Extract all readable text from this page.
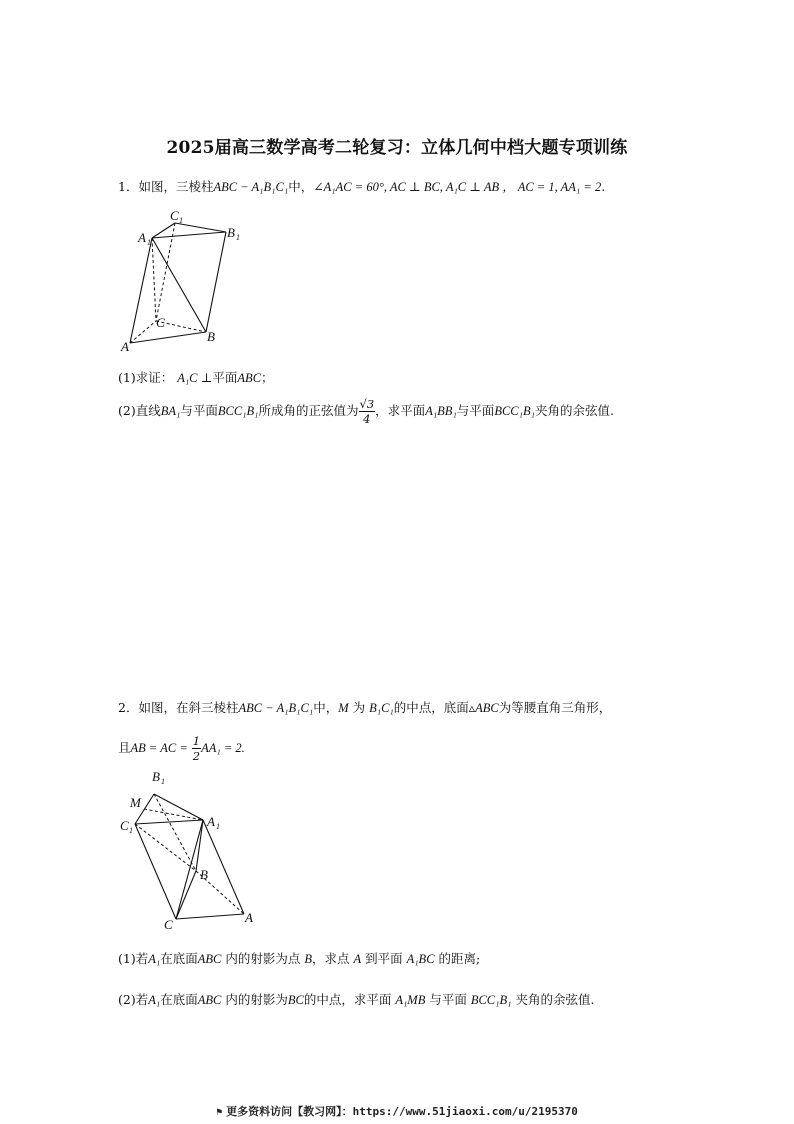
2025届高三数学高考二轮复习：立体几何中档大题专项训练
1．如图，三棱柱ABC − A₁B₁C₁中，∠A₁AC = 60°, AC ⊥ BC, A₁C ⊥ AB ， AC = 1, AA₁ = 2.
C 1
A 1
B 1
C
B
A
(1)求证： A₁C ⊥平面ABC；
(2)直线BA₁与平面BCC₁B₁所成角的正弦值为 $\frac{√3}{4}$ ，求平面A₁BB₁与平面BCC₁B₁夹角的余弦值.
2．如图，在斜三棱柱ABC − A₁B₁C₁中，M 为 B₁C₁的中点，底面▵ABC为等腰直角三角形，
且AB = AC = $\frac{1}{2} AA_1 = 2$.
B 1
M
C 1
A 1
B
C	A
(1)若A₁在底面ABC 内的射影为点 B，求点 A 到平面 A₁BC 的距离;
(2)若A₁在底面ABC 内的射影为BC的中点，求平面 A₁MB 与平面 BCC₁B₁ 夹角的余弦值.
⚑ 更多资料访问【教习网】：https://www.51jiaoxi.com/u/2195370
